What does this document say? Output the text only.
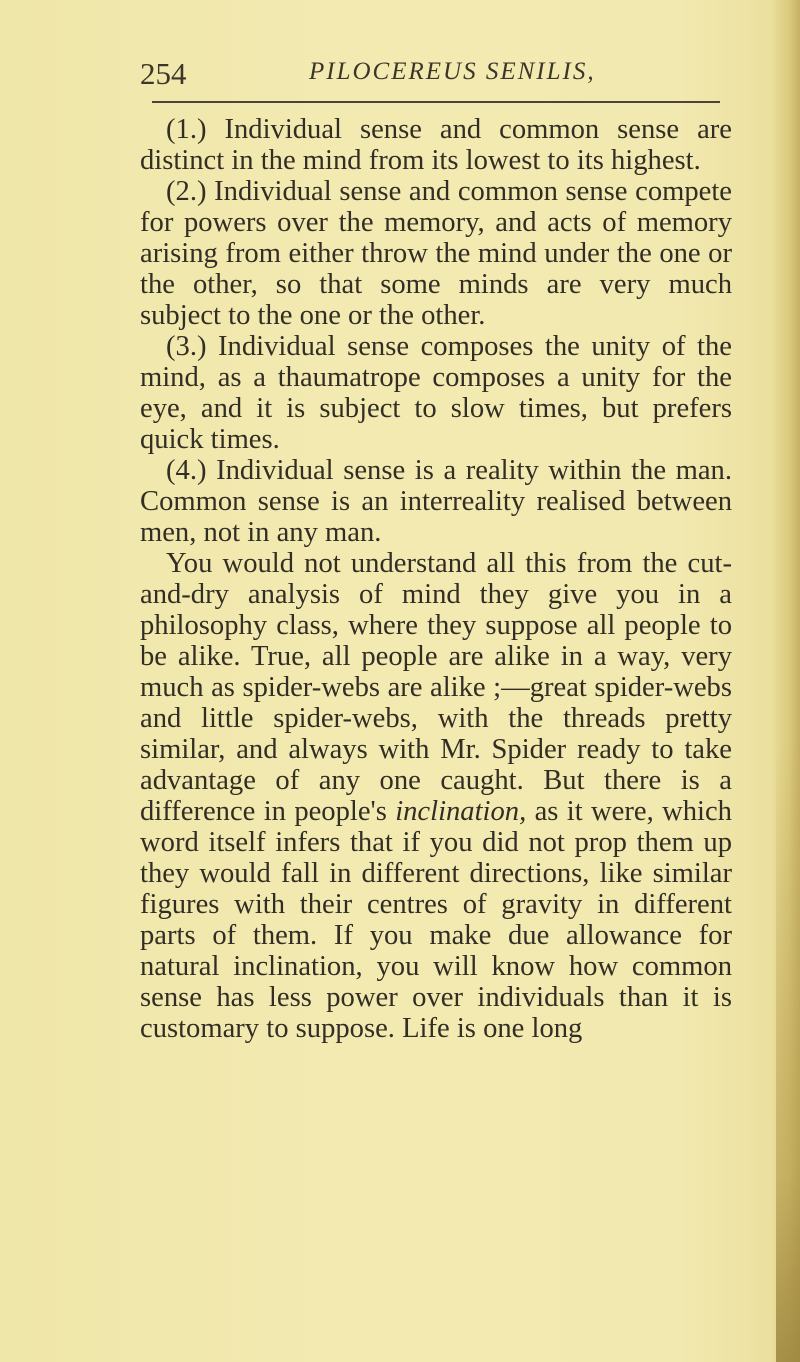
254	PILOCEREUS SENILIS,

(1.) Individual sense and common sense are distinct in the mind from its lowest to its highest.

(2.) Individual sense and common sense compete for powers over the memory, and acts of memory arising from either throw the mind under the one or the other, so that some minds are very much subject to the one or the other.

(3.) Individual sense composes the unity of the mind, as a thaumatrope composes a unity for the eye, and it is subject to slow times, but prefers quick times.

(4.) Individual sense is a reality within the man. Common sense is an interreality realised between men, not in any man.

You would not understand all this from the cut-and-dry analysis of mind they give you in a philosophy class, where they suppose all people to be alike. True, all people are alike in a way, very much as spider-webs are alike ;—great spider-webs and little spider-webs, with the threads pretty similar, and always with Mr. Spider ready to take advantage of any one caught. But there is a difference in people's inclination, as it were, which word itself infers that if you did not prop them up they would fall in different directions, like similar figures with their centres of gravity in different parts of them. If you make due allowance for natural inclination, you will know how common sense has less power over individuals than it is customary to suppose. Life is one long
